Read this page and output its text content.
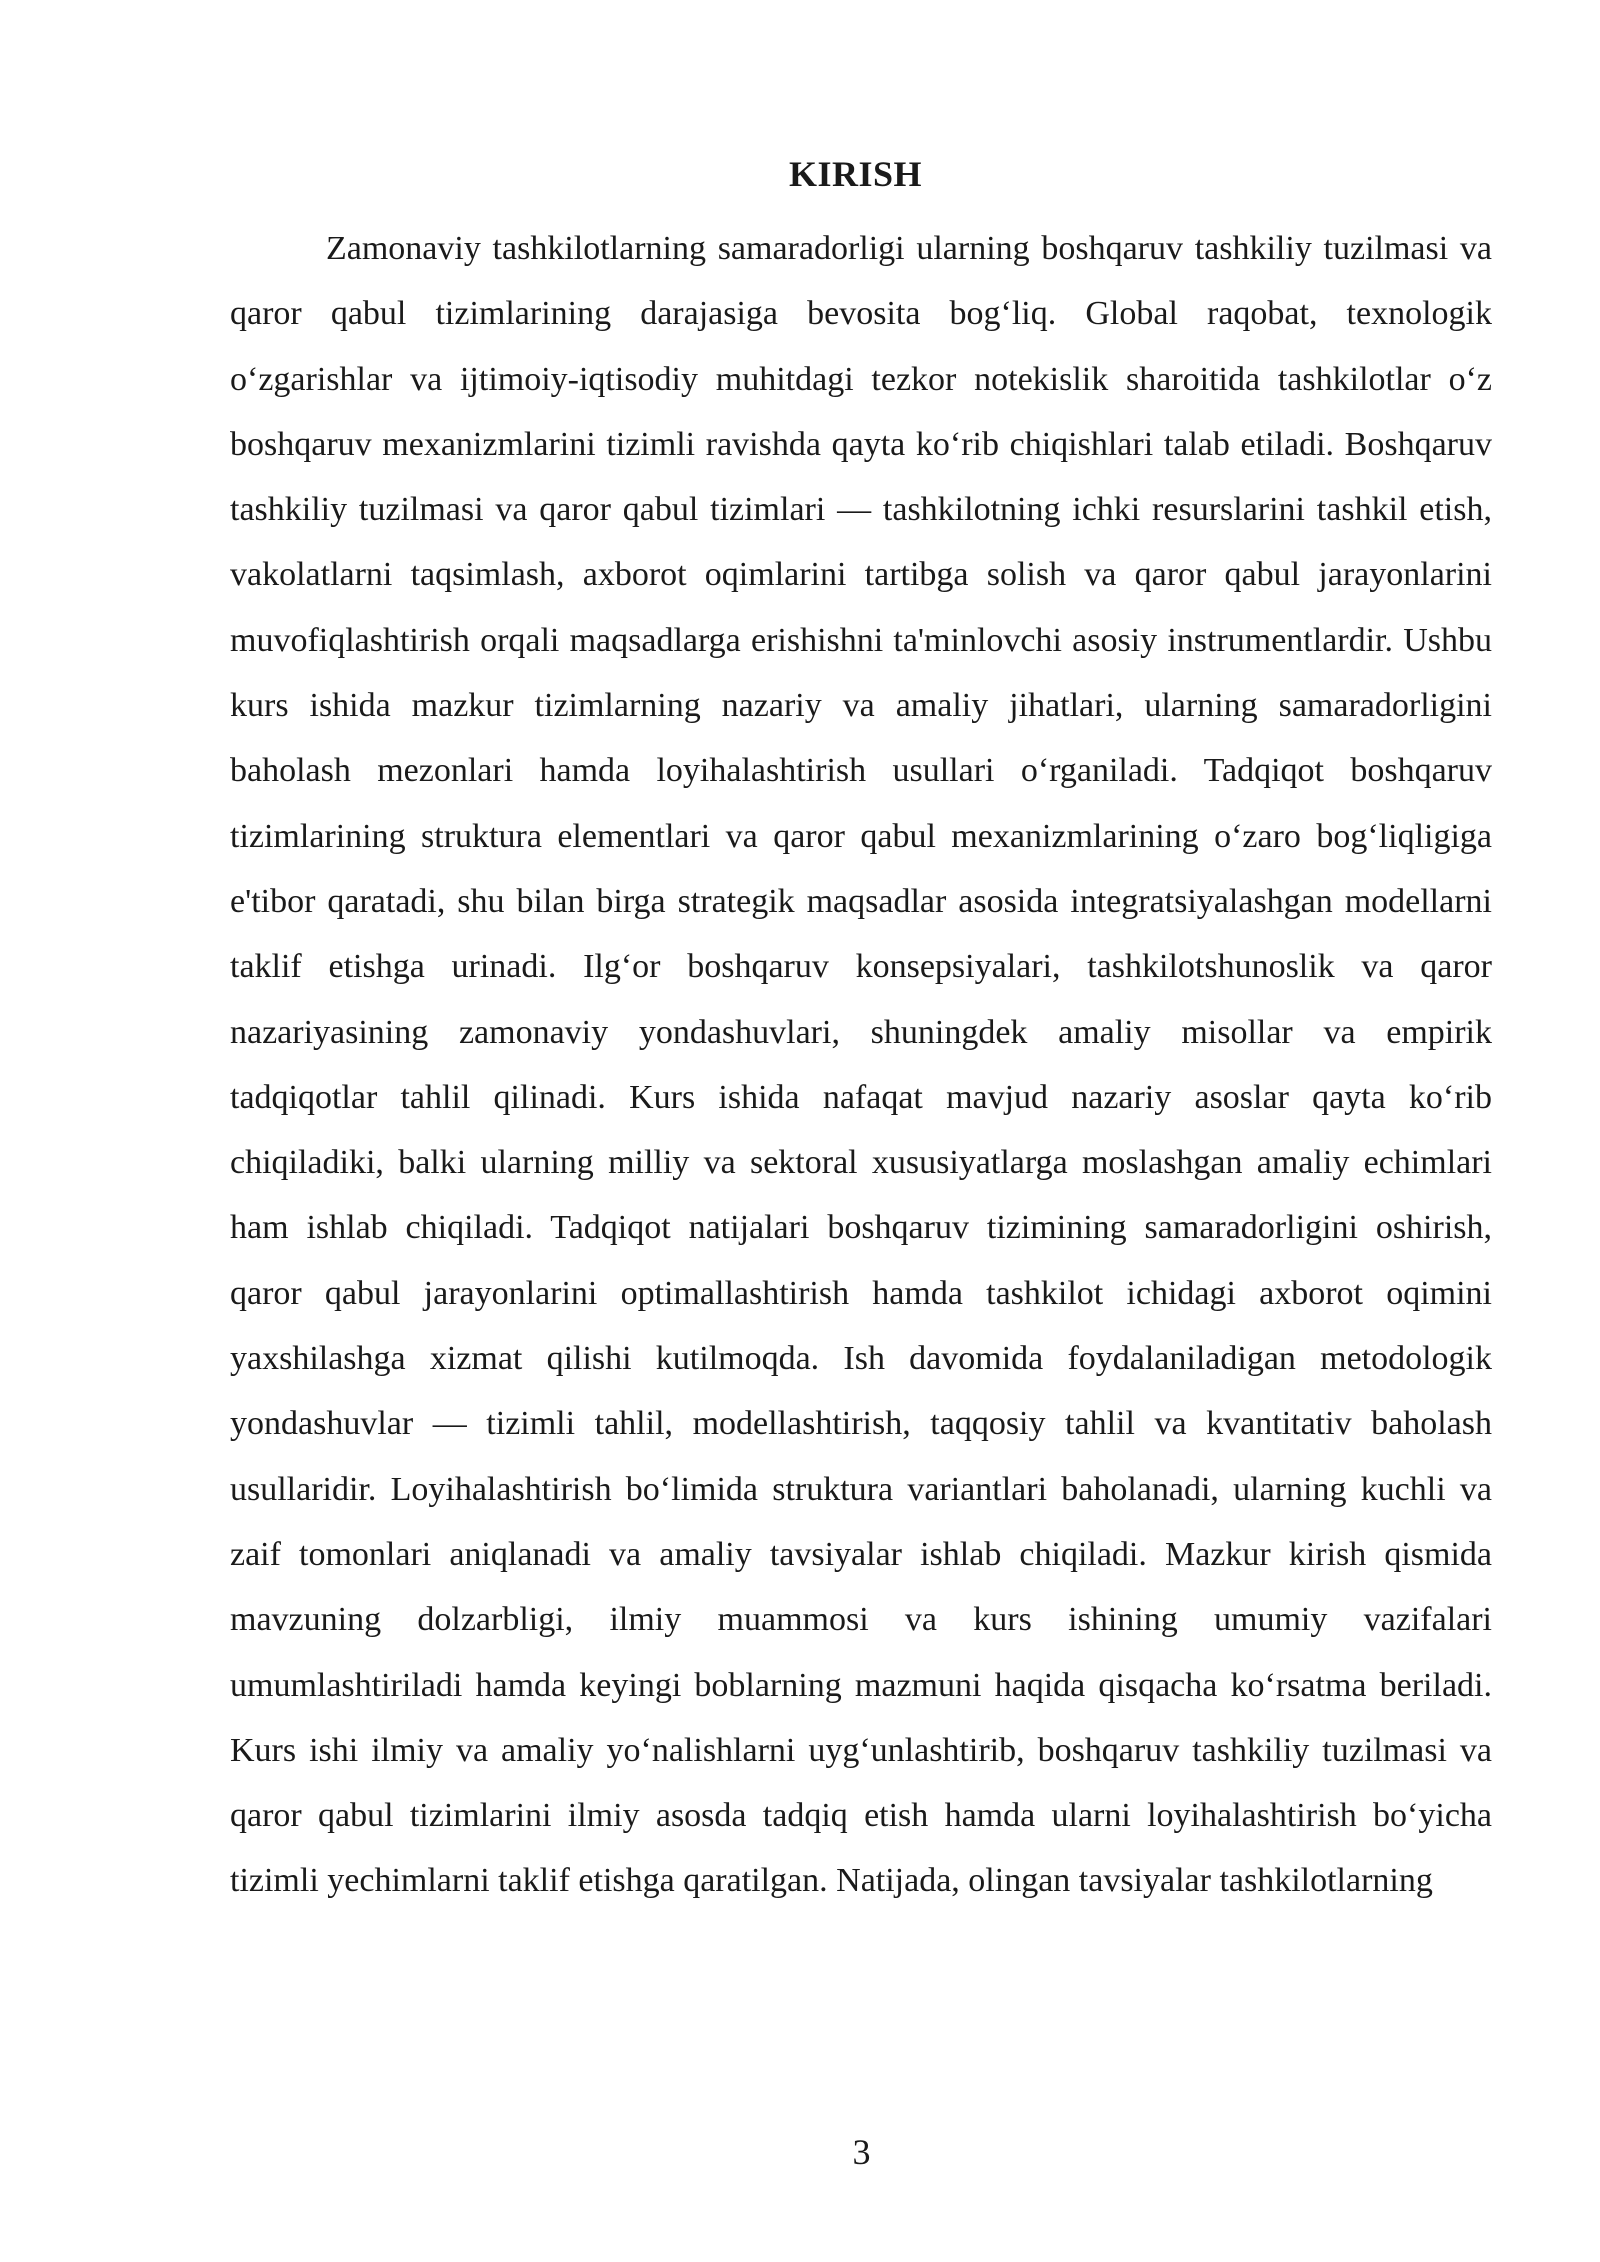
KIRISH

Zamonaviy tashkilotlarning samaradorligi ularning boshqaruv tashkiliy tuzilmasi va qaror qabul tizimlarining darajasiga bevosita bog‘liq. Global raqobat, texnologik o‘zgarishlar va ijtimoiy-iqtisodiy muhitdagi tezkor notekislik sharoitida tashkilotlar o‘z boshqaruv mexanizmlarini tizimli ravishda qayta ko‘rib chiqishlari talab etiladi. Boshqaruv tashkiliy tuzilmasi va qaror qabul tizimlari — tashkilotning ichki resurslarini tashkil etish, vakolatlarni taqsimlash, axborot oqimlarini tartibga solish va qaror qabul jarayonlarini muvofiqlashtirish orqali maqsadlarga erishishni ta'minlovchi asosiy instrumentlardir. Ushbu kurs ishida mazkur tizimlarning nazariy va amaliy jihatlari, ularning samaradorligini baholash mezonlari hamda loyihalashtirish usullari o‘rganiladi. Tadqiqot boshqaruv tizimlarining struktura elementlari va qaror qabul mexanizmlarining o‘zaro bog‘liqligiga e'tibor qaratadi, shu bilan birga strategik maqsadlar asosida integratsiyalashgan modellarni taklif etishga urinadi. Ilg‘or boshqaruv konsepsiyalari, tashkilotshunoslik va qaror nazariyasining zamonaviy yondashuvlari, shuningdek amaliy misollar va empirik tadqiqotlar tahlil qilinadi. Kurs ishida nafaqat mavjud nazariy asoslar qayta ko‘rib chiqiladiki, balki ularning milliy va sektoral xususiyatlarga moslashgan amaliy echimlari ham ishlab chiqiladi. Tadqiqot natijalari boshqaruv tizimining samaradorligini oshirish, qaror qabul jarayonlarini optimallashtirish hamda tashkilot ichidagi axborot oqimini yaxshilashga xizmat qilishi kutilmoqda. Ish davomida foydalaniladigan metodologik yondashuvlar — tizimli tahlil, modellashtirish, taqqosiy tahlil va kvantitativ baholash usullaridir. Loyihalashtirish bo‘limida struktura variantlari baholanadi, ularning kuchli va zaif tomonlari aniqlanadi va amaliy tavsiyalar ishlab chiqiladi. Mazkur kirish qismida mavzuning dolzarbligi, ilmiy muammosi va kurs ishining umumiy vazifalari umumlashtiriladi hamda keyingi boblarning mazmuni haqida qisqacha ko‘rsatma beriladi. Kurs ishi ilmiy va amaliy yo‘nalishlarni uyg‘unlashtirib, boshqaruv tashkiliy tuzilmasi va qaror qabul tizimlarini ilmiy asosda tadqiq etish hamda ularni loyihalashtirish bo‘yicha tizimli yechimlarni taklif etishga qaratilgan. Natijada, olingan tavsiyalar tashkilotlarning

3
